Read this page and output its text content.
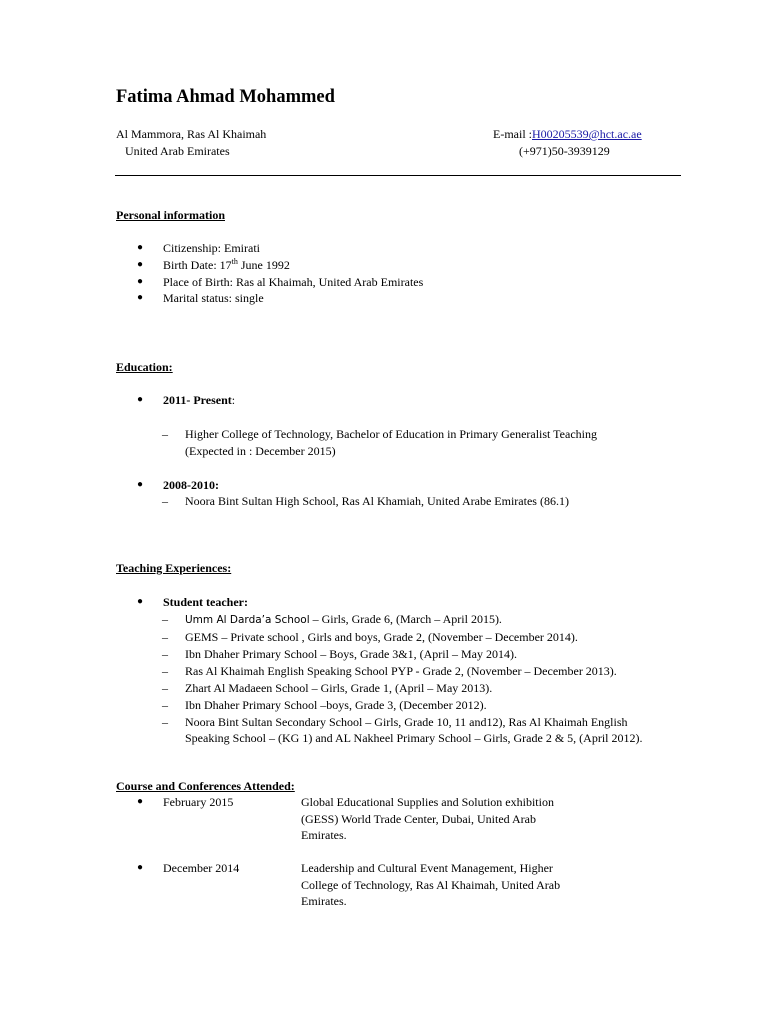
Fatima Ahmad Mohammed
Al Mammora, Ras Al Khaimah
United Arab Emirates
E-mail :H00205539@hct.ac.ae
(+971)50-3939129
Personal information
● Citizenship: Emirati
● Birth Date: 17th June 1992
● Place of Birth: Ras al Khaimah, United Arab Emirates
● Marital status: single
Education:
● 2011- Present:
– Higher College of Technology, Bachelor of Education in Primary Generalist Teaching
(Expected in : December 2015)
● 2008-2010:
– Noora Bint Sultan High School, Ras Al Khamiah, United Arabe Emirates (86.1)
Teaching Experiences:
● Student teacher:
– Umm Al Darda’a School – Girls, Grade 6, (March – April 2015).
– GEMS – Private school , Girls and boys, Grade 2, (November – December 2014).
– Ibn Dhaher Primary School – Boys, Grade 3&1, (April – May 2014).
– Ras Al Khaimah English Speaking School PYP - Grade 2, (November – December 2013).
– Zhart Al Madaeen School – Girls, Grade 1, (April – May 2013).
– Ibn Dhaher Primary School –boys, Grade 3, (December 2012).
– Noora Bint Sultan Secondary School – Girls, Grade 10, 11 and12), Ras Al Khaimah English
Speaking School – (KG 1) and AL Nakheel Primary School – Girls, Grade 2 & 5, (April 2012).
Course and Conferences Attended:
● February 2015	Global Educational Supplies and Solution exhibition
(GESS) World Trade Center, Dubai, United Arab
Emirates.
● December 2014	Leadership and Cultural Event Management, Higher
College of Technology, Ras Al Khaimah, United Arab
Emirates.
